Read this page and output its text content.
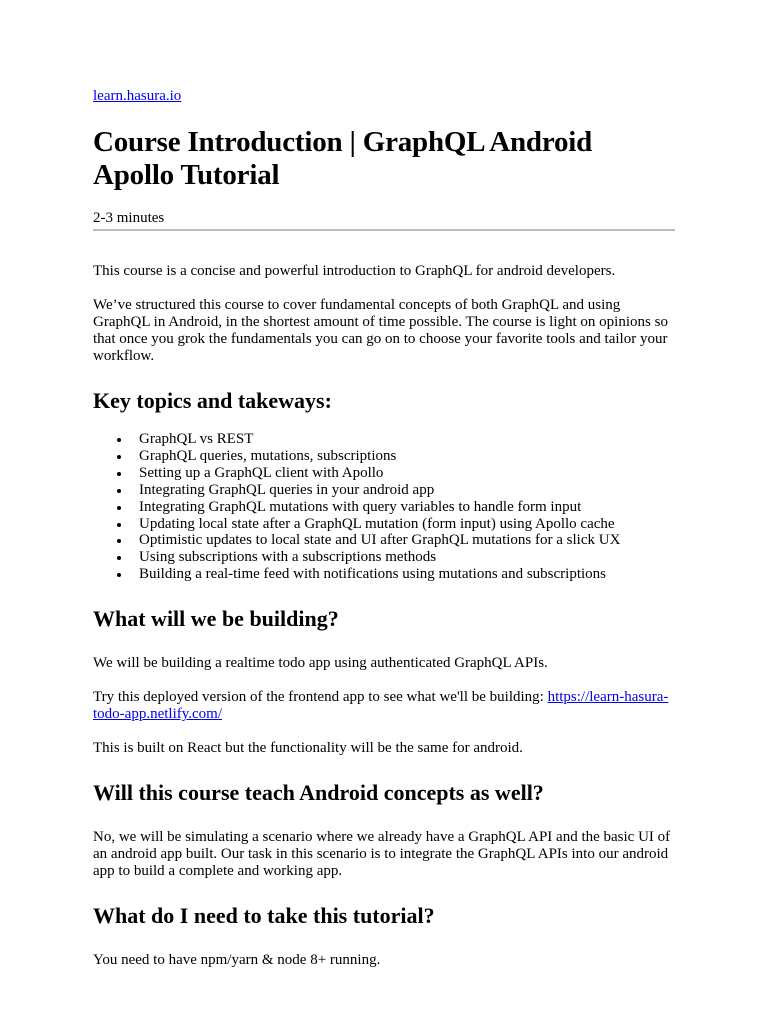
learn.hasura.io
Course Introduction | GraphQL Android Apollo Tutorial
2-3 minutes

This course is a concise and powerful introduction to GraphQL for android developers.

We’ve structured this course to cover fundamental concepts of both GraphQL and using GraphQL in Android, in the shortest amount of time possible. The course is light on opinions so that once you grok the fundamentals you can go on to choose your favorite tools and tailor your workflow.

Key topics and takeways:
GraphQL vs REST
GraphQL queries, mutations, subscriptions
Setting up a GraphQL client with Apollo
Integrating GraphQL queries in your android app
Integrating GraphQL mutations with query variables to handle form input
Updating local state after a GraphQL mutation (form input) using Apollo cache
Optimistic updates to local state and UI after GraphQL mutations for a slick UX
Using subscriptions with a subscriptions methods
Building a real-time feed with notifications using mutations and subscriptions
What will we be building?

We will be building a realtime todo app using authenticated GraphQL APIs.

Try this deployed version of the frontend app to see what we'll be building: https://learn-hasura-todo-app.netlify.com/

This is built on React but the functionality will be the same for android.

Will this course teach Android concepts as well?

No, we will be simulating a scenario where we already have a GraphQL API and the basic UI of an android app built. Our task in this scenario is to integrate the GraphQL APIs into our android app to build a complete and working app.

What do I need to take this tutorial?

You need to have npm/yarn & node 8+ running.
